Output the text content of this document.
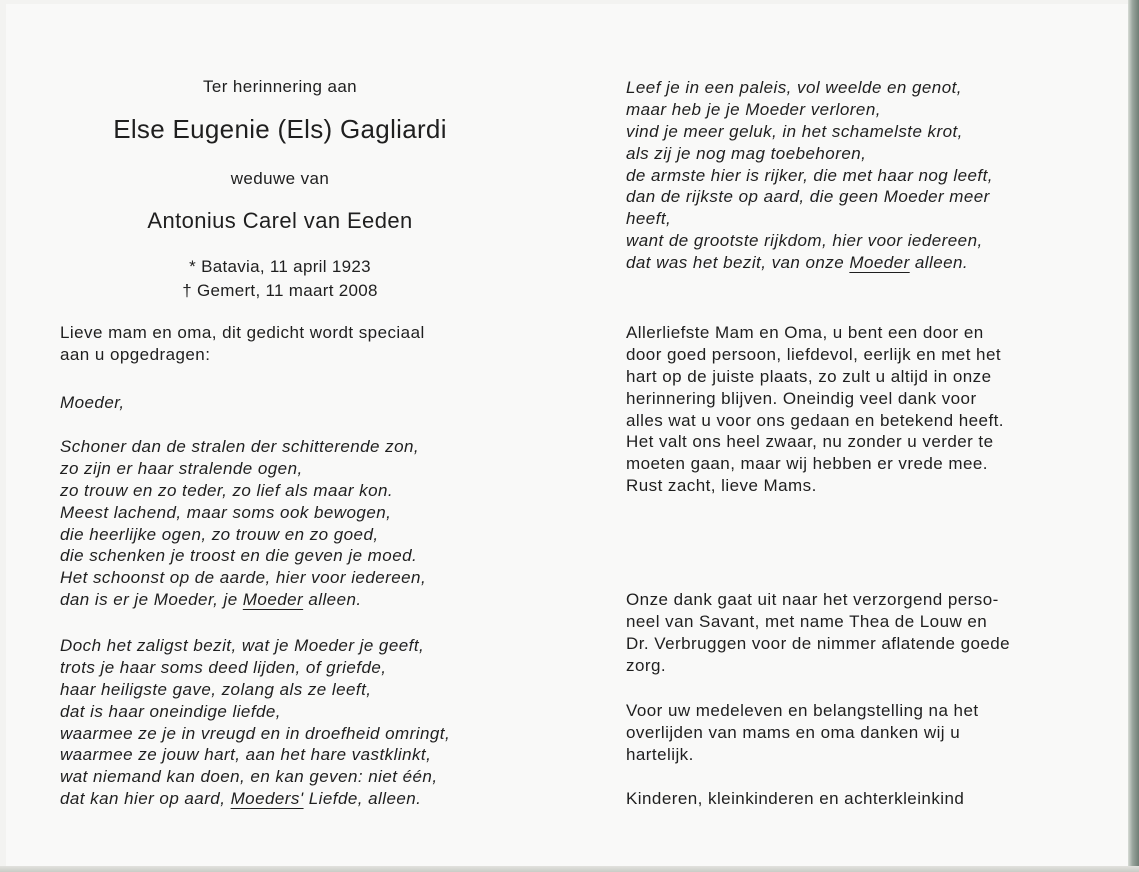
Ter herinnering aan
Else Eugenie (Els) Gagliardi
weduwe van
Antonius Carel van Eeden
* Batavia, 11 april 1923
† Gemert, 11 maart 2008
Lieve mam en oma, dit gedicht wordt speciaal
aan u opgedragen:
Moeder,
Schoner dan de stralen der schitterende zon,
zo zijn er haar stralende ogen,
zo trouw en zo teder, zo lief als maar kon.
Meest lachend, maar soms ook bewogen,
die heerlijke ogen, zo trouw en zo goed,
die schenken je troost en die geven je moed.
Het schoonst op de aarde, hier voor iedereen,
dan is er je Moeder, je Moeder alleen.
Doch het zaligst bezit, wat je Moeder je geeft,
trots je haar soms deed lijden, of griefde,
haar heiligste gave, zolang als ze leeft,
dat is haar oneindige liefde,
waarmee ze je in vreugd en in droefheid omringt,
waarmee ze jouw hart, aan het hare vastklinkt,
wat niemand kan doen, en kan geven: niet één,
dat kan hier op aard, Moeders' Liefde, alleen.
Leef je in een paleis, vol weelde en genot,
maar heb je je Moeder verloren,
vind je meer geluk, in het schamelste krot,
als zij je nog mag toebehoren,
de armste hier is rijker, die met haar nog leeft,
dan de rijkste op aard, die geen Moeder meer
heeft,
want de grootste rijkdom, hier voor iedereen,
dat was het bezit, van onze Moeder alleen.
Allerliefste Mam en Oma, u bent een door en
door goed persoon, liefdevol, eerlijk en met het
hart op de juiste plaats, zo zult u altijd in onze
herinnering blijven. Oneindig veel dank voor
alles wat u voor ons gedaan en betekend heeft.
Het valt ons heel zwaar, nu zonder u verder te
moeten gaan, maar wij hebben er vrede mee.
Rust zacht, lieve Mams.
Onze dank gaat uit naar het verzorgend perso-
neel van Savant, met name Thea de Louw en
Dr. Verbruggen voor de nimmer aflatende goede
zorg.
Voor uw medeleven en belangstelling na het
overlijden van mams en oma danken wij u
hartelijk.
Kinderen, kleinkinderen en achterkleinkind
